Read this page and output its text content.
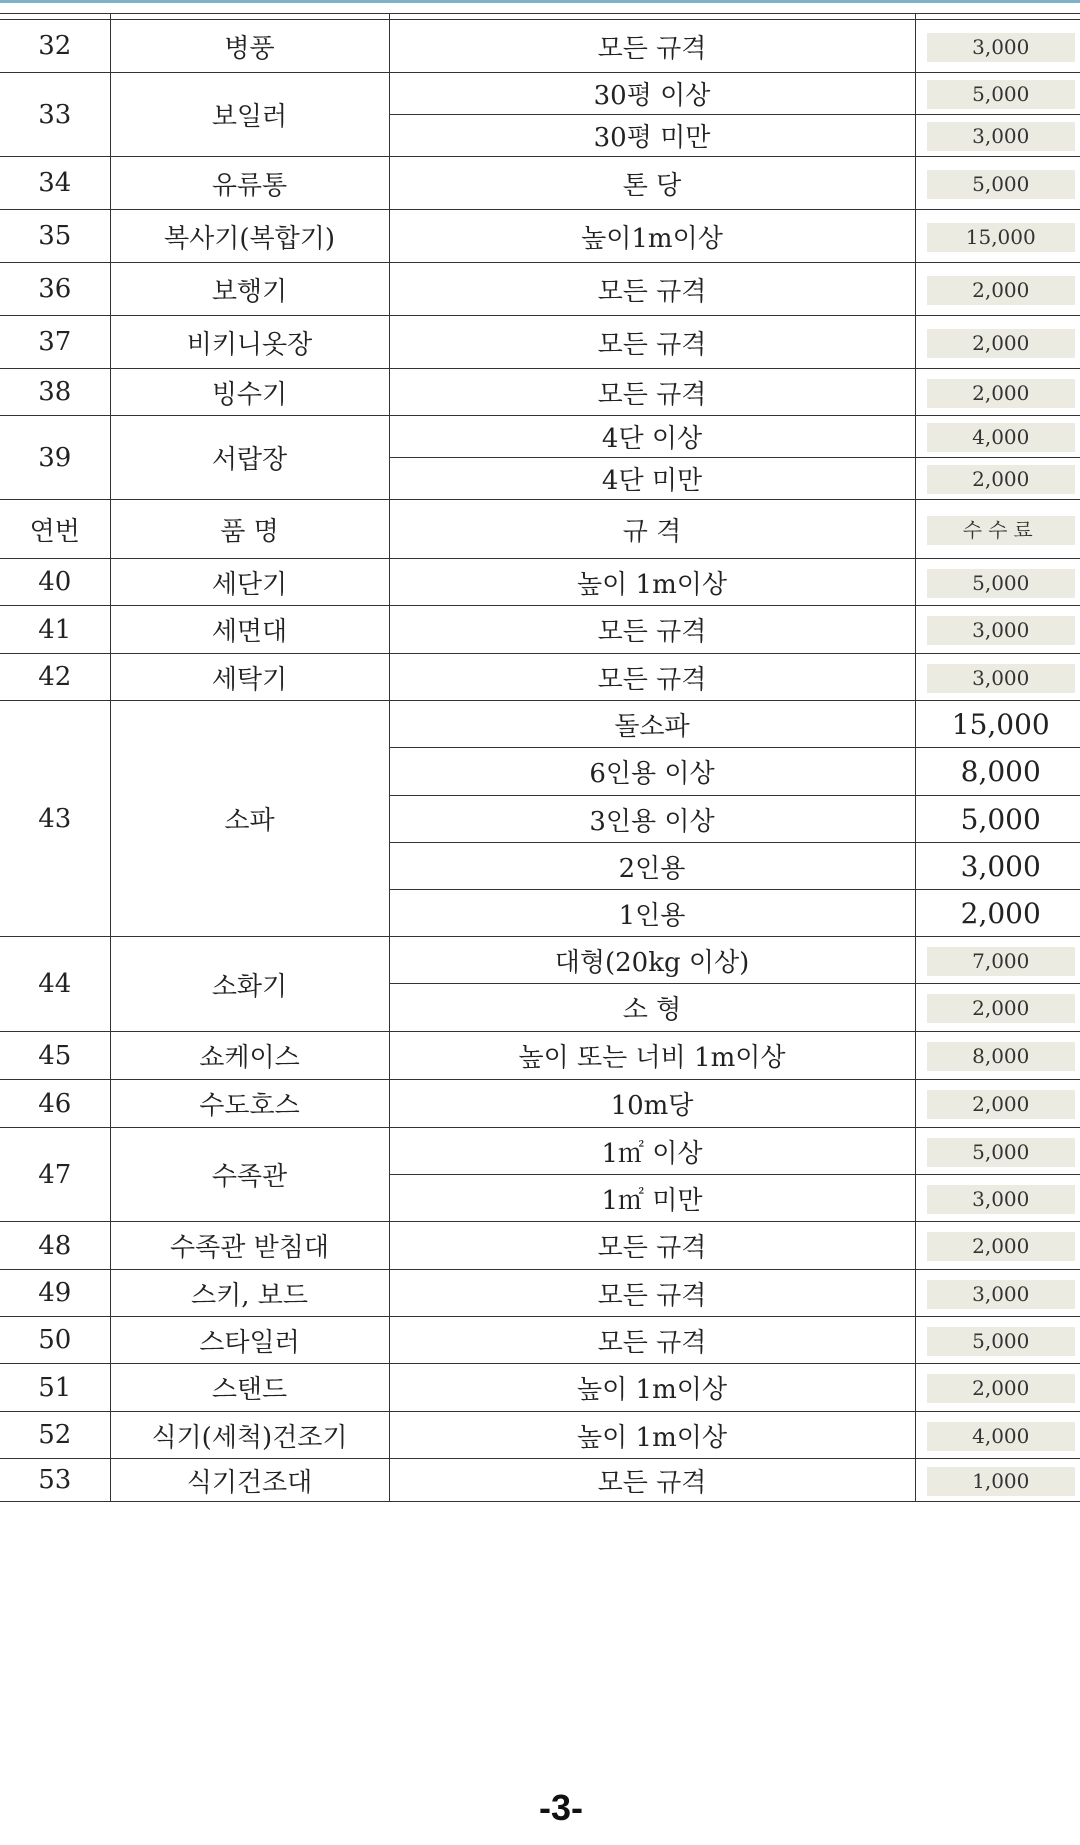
32	병풍	모든 규격	3,000
33	보일러	30평 이상	5,000
		30평 미만	3,000
34	유류통	톤 당	5,000
35	복사기(복합기)	높이1m이상	15,000
36	보행기	모든 규격	2,000
37	비키니옷장	모든 규격	2,000
38	빙수기	모든 규격	2,000
39	서랍장	4단 이상	4,000
		4단 미만	2,000
연번	품 명	규 격	수수료
40	세단기	높이 1m이상	5,000
41	세면대	모든 규격	3,000
42	세탁기	모든 규격	3,000
43	소파	돌소파	15,000
		6인용 이상	8,000
		3인용 이상	5,000
		2인용	3,000
		1인용	2,000
44	소화기	대형(20kg 이상)	7,000
		소 형	2,000
45	쇼케이스	높이 또는 너비 1m이상	8,000
46	수도호스	10m당	2,000
47	수족관	1㎡ 이상	5,000
		1㎡ 미만	3,000
48	수족관 받침대	모든 규격	2,000
49	스키, 보드	모든 규격	3,000
50	스타일러	모든 규격	5,000
51	스탠드	높이 1m이상	2,000
52	식기(세척)건조기	높이 1m이상	4,000
53	식기건조대	모든 규격	1,000
-3-
